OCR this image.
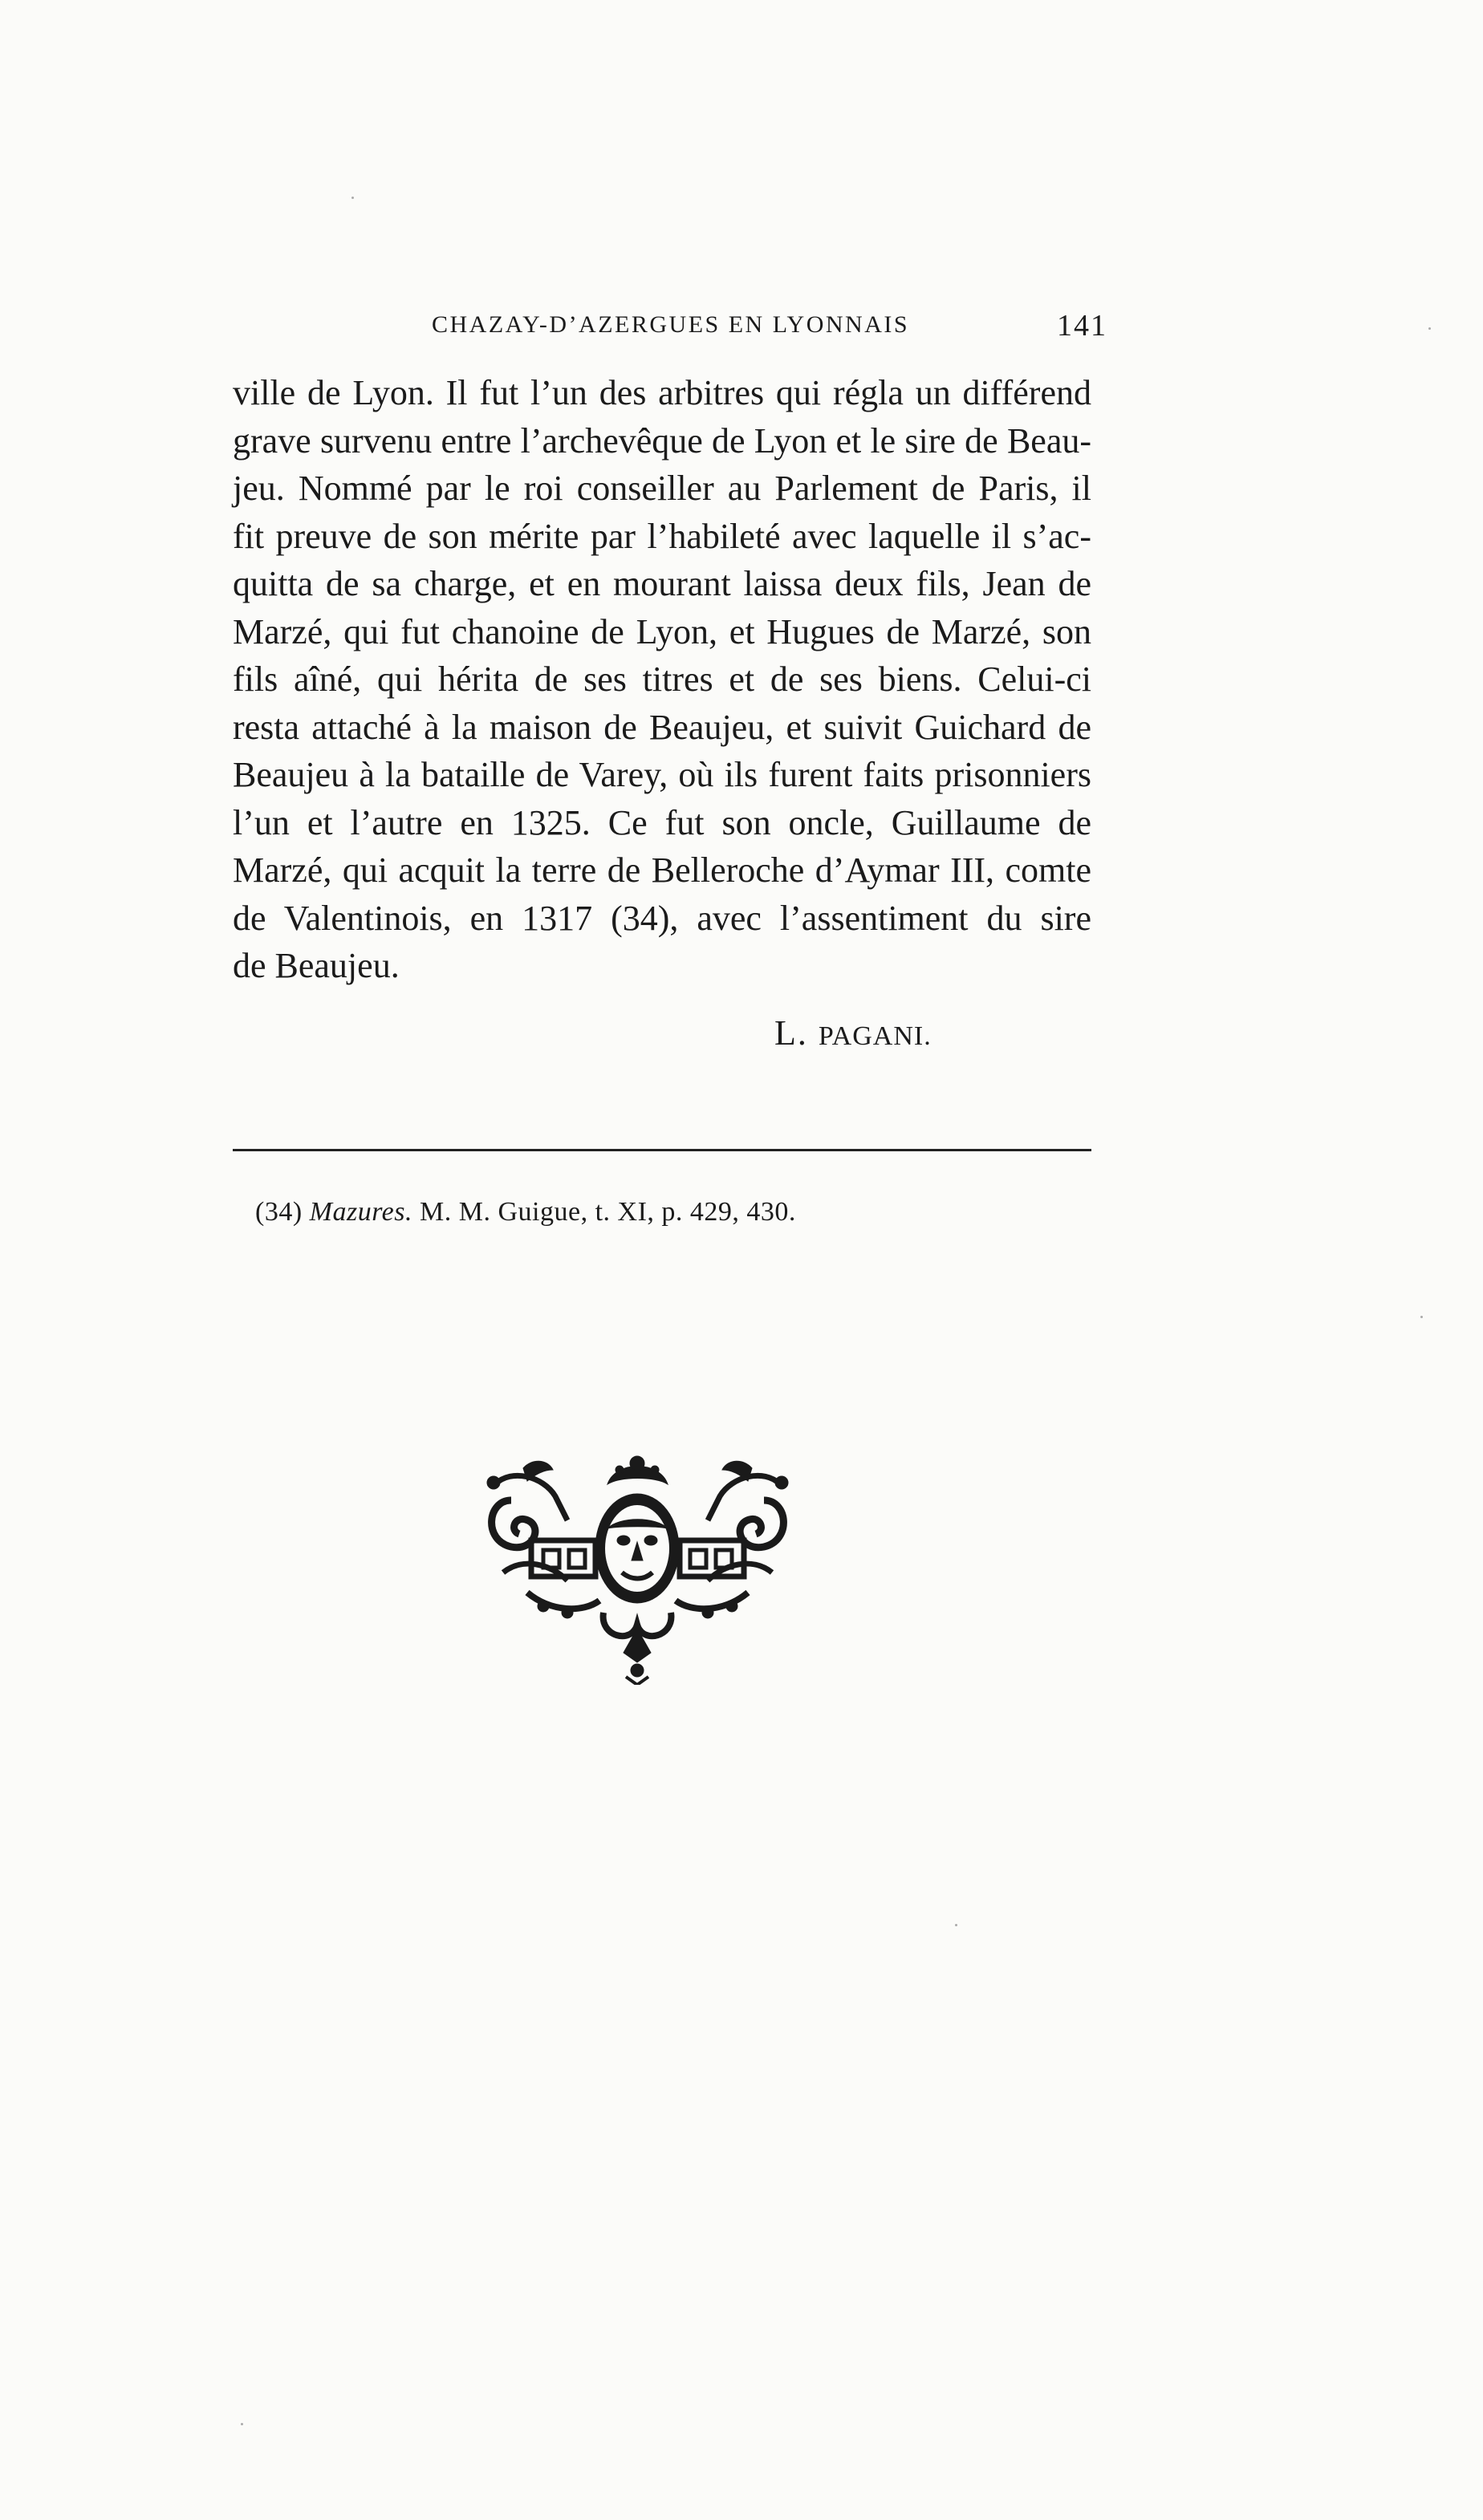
CHAZAY-D’AZERGUES EN LYONNAIS	141
ville de Lyon. Il fut l’un des arbitres qui régla un différend
grave survenu entre l’archevêque de Lyon et le sire de Beau-
jeu. Nommé par le roi conseiller au Parlement de Paris, il
fit preuve de son mérite par l’habileté avec laquelle il s’ac-
quitta de sa charge, et en mourant laissa deux fils, Jean de
Marzé, qui fut chanoine de Lyon, et Hugues de Marzé, son
fils aîné, qui hérita de ses titres et de ses biens. Celui-ci
resta attaché à la maison de Beaujeu, et suivit Guichard de
Beaujeu à la bataille de Varey, où ils furent faits prisonniers
l’un et l’autre en 1325. Ce fut son oncle, Guillaume de
Marzé, qui acquit la terre de Belleroche d’Aymar III, comte
de Valentinois, en 1317 (34), avec l’assentiment du sire
de Beaujeu.
L. PAGANI.
(34) Mazures. M. M. Guigue, t. XI, p. 429, 430.
